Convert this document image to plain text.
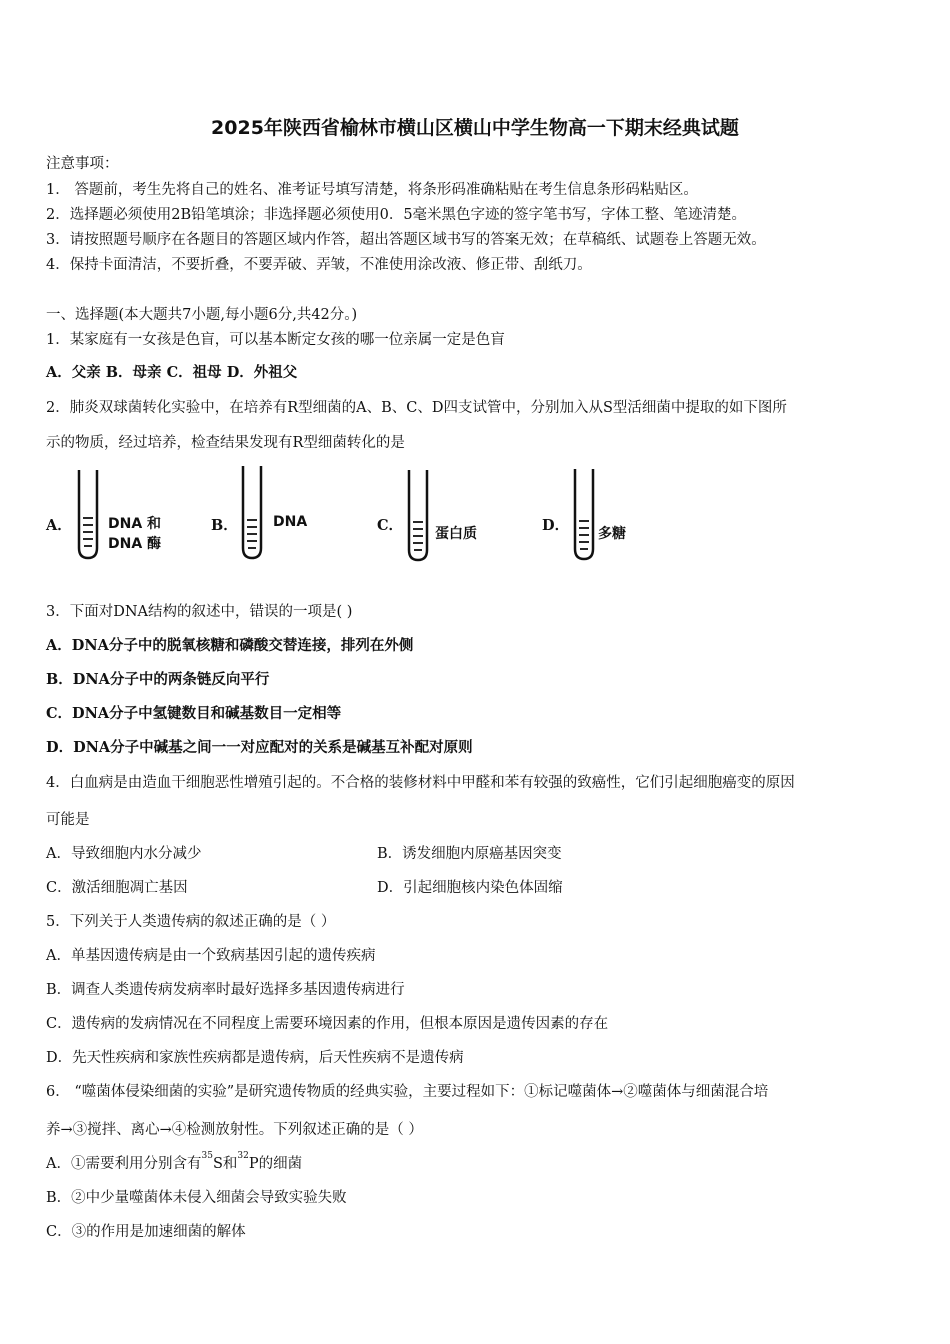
2025年陕西省榆林市横山区横山中学生物高一下期末经典试题
注意事项：
1． 答题前，考生先将自己的姓名、准考证号填写清楚，将条形码准确粘贴在考生信息条形码粘贴区。
2．选择题必须使用2B铅笔填涂；非选择题必须使用0．5毫米黑色字迹的签字笔书写，字体工整、笔迹清楚。
3．请按照题号顺序在各题目的答题区域内作答，超出答题区域书写的答案无效；在草稿纸、试题卷上答题无效。
4．保持卡面清洁，不要折叠，不要弄破、弄皱，不准使用涂改液、修正带、刮纸刀。
一、选择题(本大题共7小题,每小题6分,共42分。)
1．某家庭有一女孩是色盲，可以基本断定女孩的哪一位亲属一定是色盲
A．父亲 B．母亲 C．祖母 D．外祖父
2．肺炎双球菌转化实验中，在培养有R型细菌的A、B、C、D四支试管中，分别加入从S型活细菌中提取的如下图所
示的物质，经过培养，检查结果发现有R型细菌转化的是
A．	DNA 和
DNA 酶
B．	DNA	C． 蛋白质	D． 多糖
3．下面对DNA结构的叙述中，错误的一项是( )
A．DNA分子中的脱氧核糖和磷酸交替连接，排列在外侧
B．DNA分子中的两条链反向平行
C．DNA分子中氢键数目和碱基数目一定相等
D．DNA分子中碱基之间一一对应配对的关系是碱基互补配对原则
4．白血病是由造血干细胞恶性增殖引起的。不合格的装修材料中甲醛和苯有较强的致癌性，它们引起细胞癌变的原因
可能是
A．导致细胞内水分减少	B．诱发细胞内原癌基因突变
C．激活细胞凋亡基因	D．引起细胞核内染色体固缩
5．下列关于人类遗传病的叙述正确的是（ ）
A．单基因遗传病是由一个致病基因引起的遗传疾病
B．调查人类遗传病发病率时最好选择多基因遗传病进行
C．遗传病的发病情况在不同程度上需要环境因素的作用，但根本原因是遗传因素的存在
D．先天性疾病和家族性疾病都是遗传病，后天性疾病不是遗传病
6． “噬菌体侵染细菌的实验”是研究遗传物质的经典实验，主要过程如下：①标记噬菌体→②噬菌体与细菌混合培
养→③搅拌、离心→④检测放射性。下列叙述正确的是（ ）
A．①需要利用分别含有$^{35}$S和$^{32}$P的细菌
B．②中少量噬菌体未侵入细菌会导致实验失败
C．③的作用是加速细菌的解体
